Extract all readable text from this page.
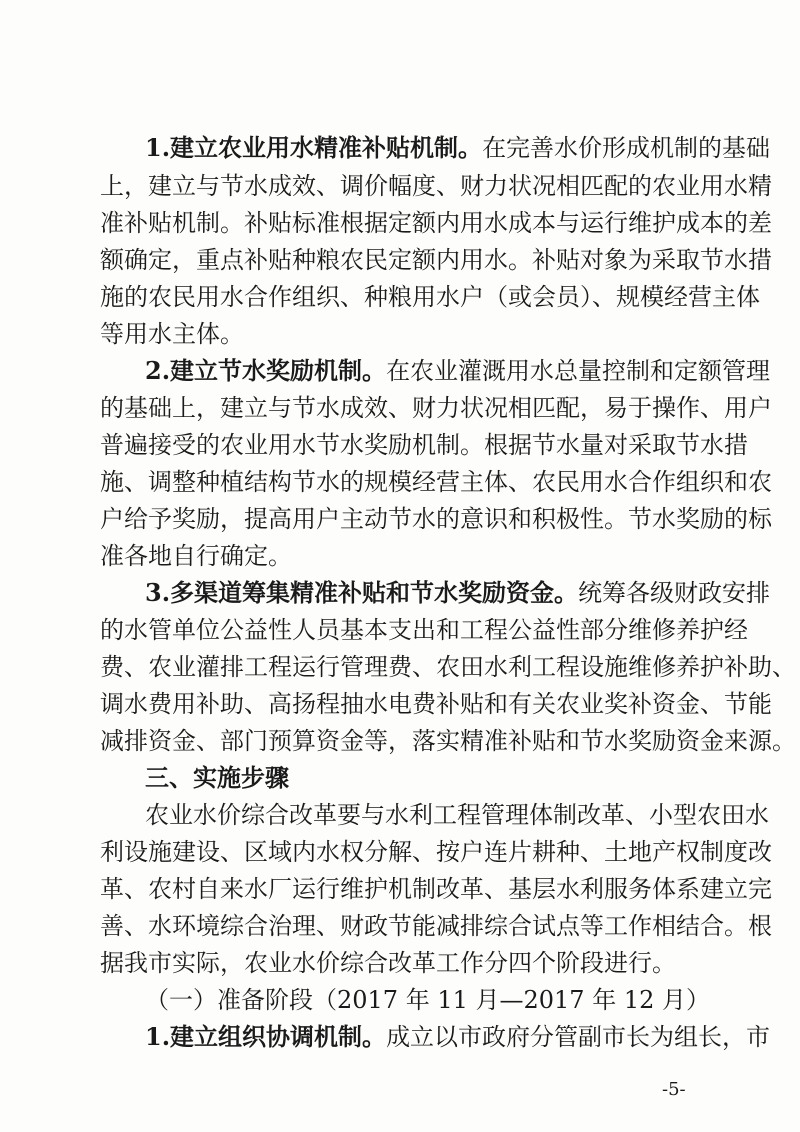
1.建立农业用水精准补贴机制。在完善水价形成机制的基础
上，建立与节水成效、调价幅度、财力状况相匹配的农业用水精
准补贴机制。补贴标准根据定额内用水成本与运行维护成本的差
额确定，重点补贴种粮农民定额内用水。补贴对象为采取节水措
施的农民用水合作组织、种粮用水户（或会员）、规模经营主体
等用水主体。
2.建立节水奖励机制。在农业灌溉用水总量控制和定额管理
的基础上，建立与节水成效、财力状况相匹配，易于操作、用户
普遍接受的农业用水节水奖励机制。根据节水量对采取节水措
施、调整种植结构节水的规模经营主体、农民用水合作组织和农
户给予奖励，提高用户主动节水的意识和积极性。节水奖励的标
准各地自行确定。
3.多渠道筹集精准补贴和节水奖励资金。统筹各级财政安排
的水管单位公益性人员基本支出和工程公益性部分维修养护经
费、农业灌排工程运行管理费、农田水利工程设施维修养护补助、
调水费用补助、高扬程抽水电费补贴和有关农业奖补资金、节能
减排资金、部门预算资金等，落实精准补贴和节水奖励资金来源。
三、实施步骤
农业水价综合改革要与水利工程管理体制改革、小型农田水
利设施建设、区域内水权分解、按户连片耕种、土地产权制度改
革、农村自来水厂运行维护机制改革、基层水利服务体系建立完
善、水环境综合治理、财政节能减排综合试点等工作相结合。根
据我市实际，农业水价综合改革工作分四个阶段进行。
（一）准备阶段（2017 年 11 月—2017 年 12 月）
1.建立组织协调机制。成立以市政府分管副市长为组长，市
-5-
